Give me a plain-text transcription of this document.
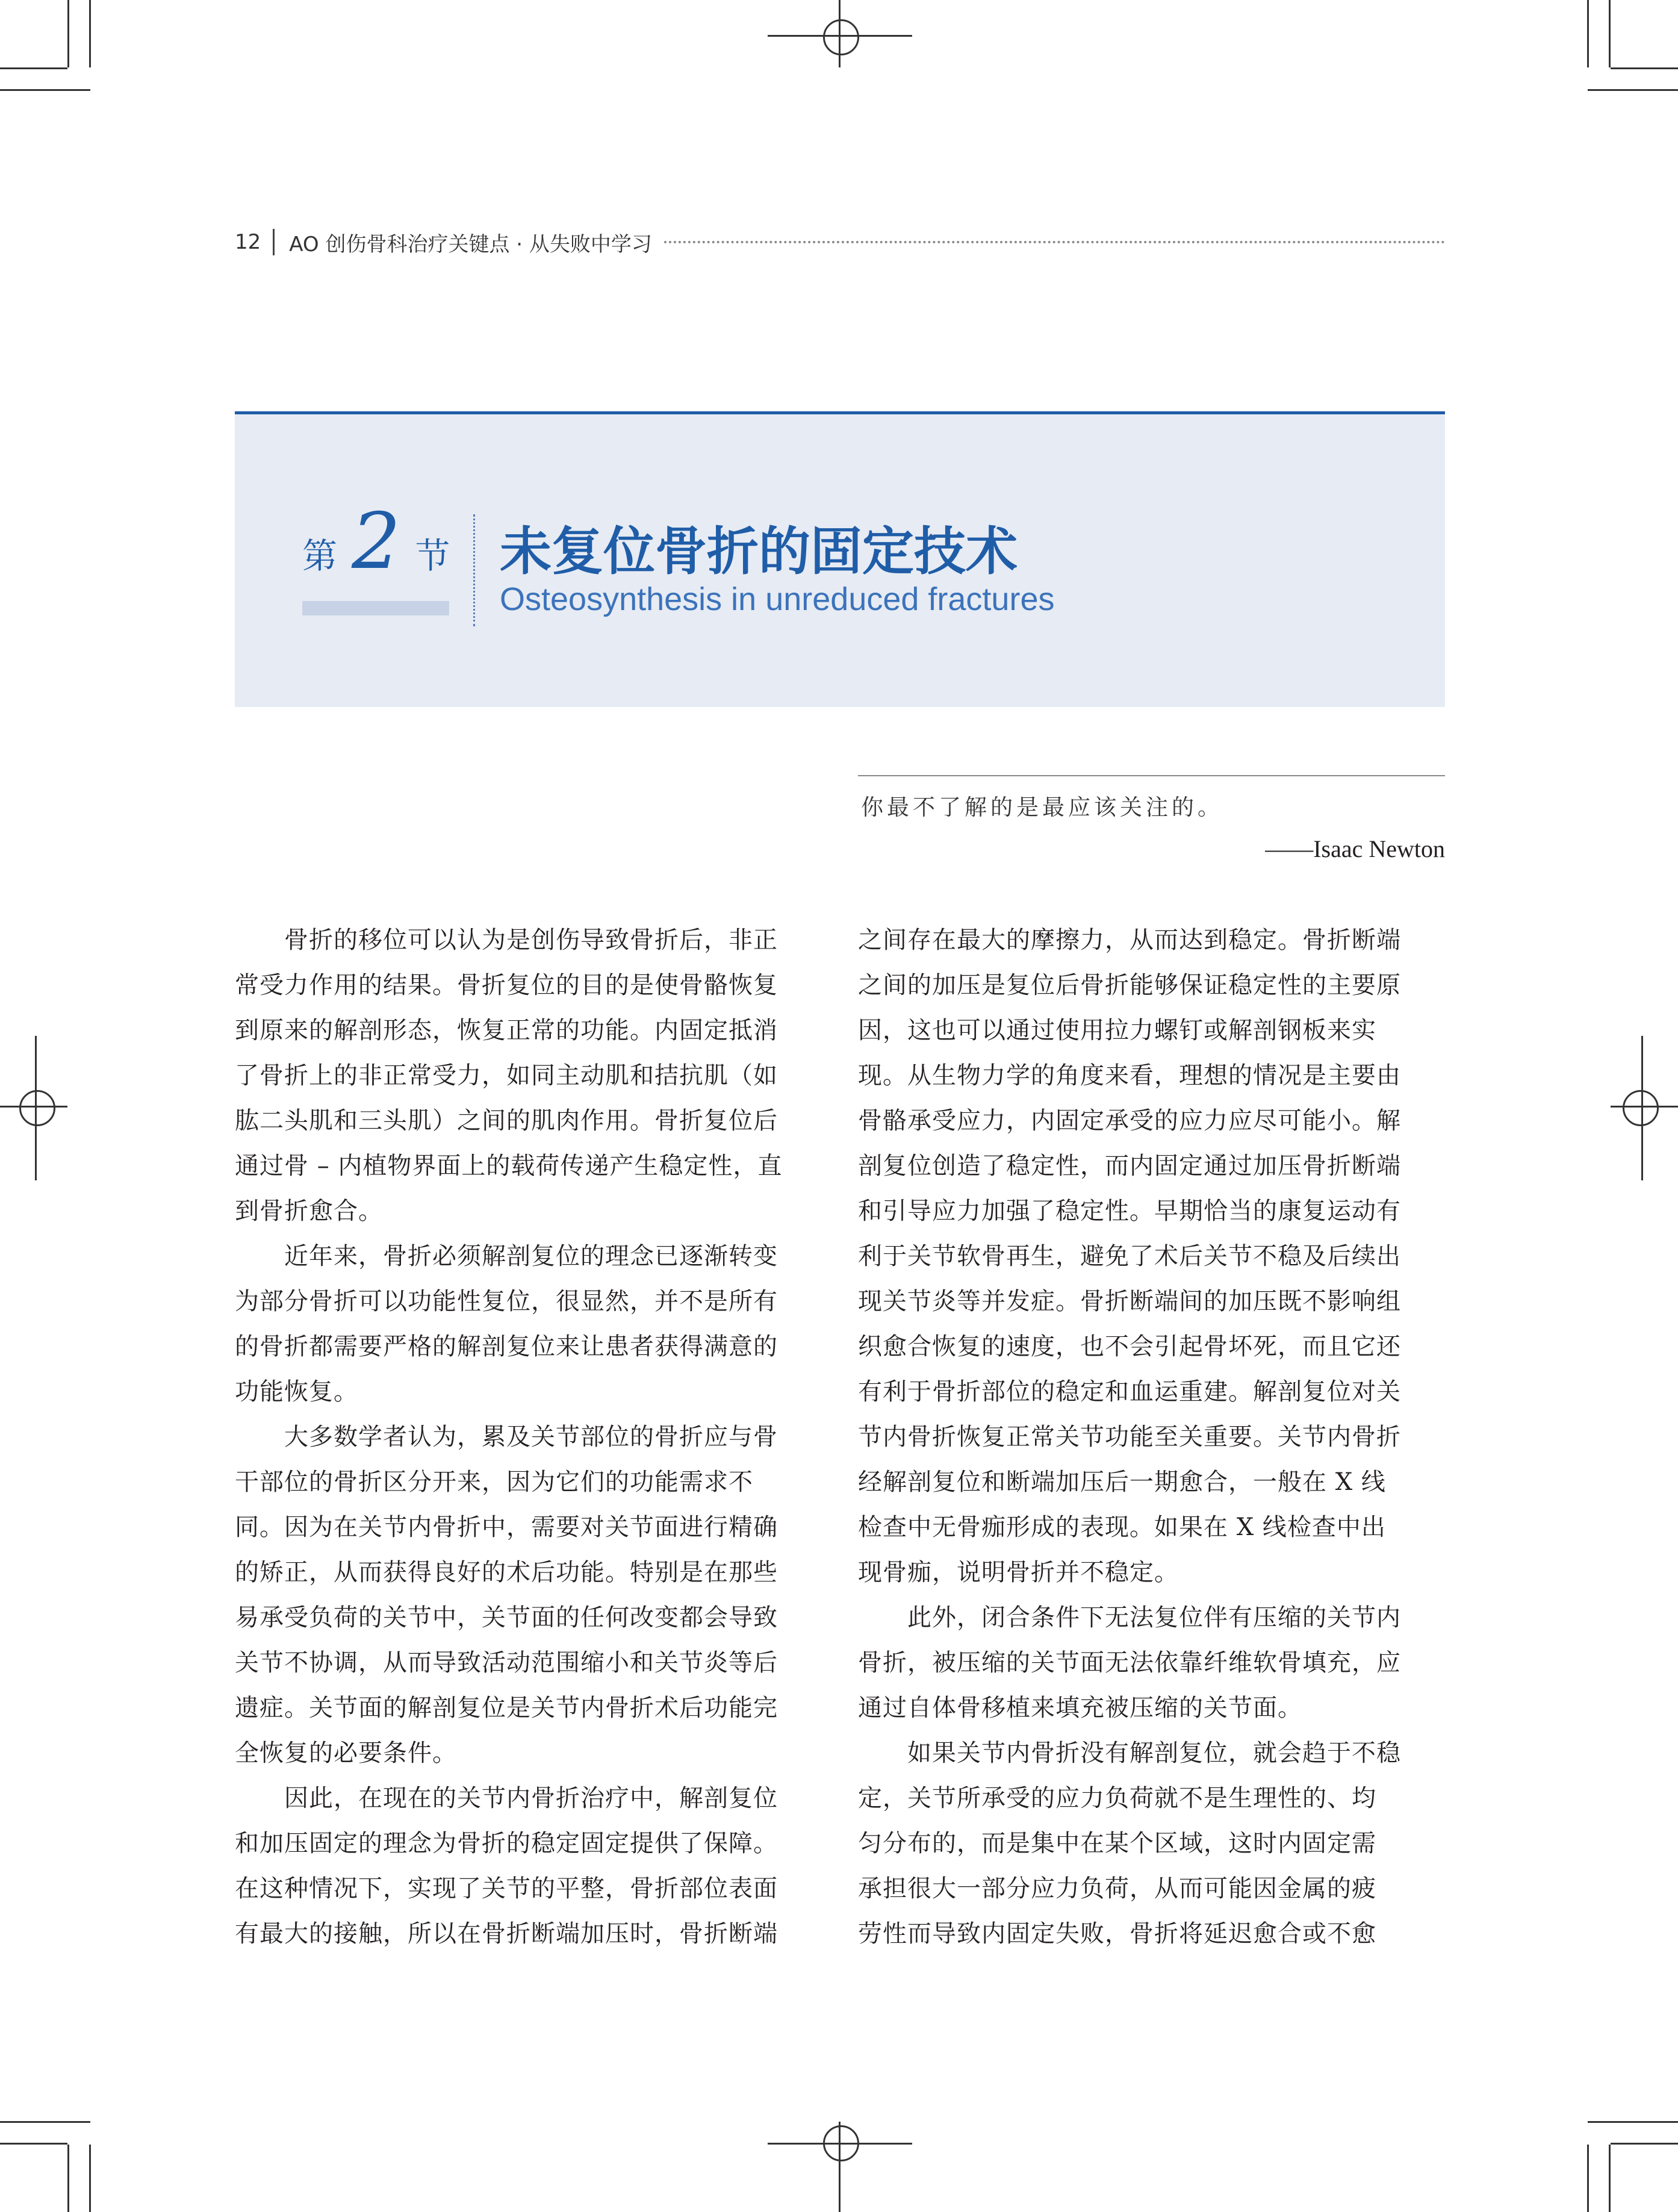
12	AO 创伤骨科治疗关键点 · 从失败中学习
第 2 节 未复位骨折的固定技术
Osteosynthesis in unreduced fractures
你最不了解的是最应该关注的。
——Isaac Newton

骨折的移位可以认为是创伤导致骨折后，非正

常受力作用的结果。骨折复位的目的是使骨骼恢复

到原来的解剖形态，恢复正常的功能。内固定抵消

了骨折上的非正常受力，如同主动肌和拮抗肌（如

肱二头肌和三头肌）之间的肌肉作用。骨折复位后

通过骨 – 内植物界面上的载荷传递产生稳定性，直

到骨折愈合。

近年来，骨折必须解剖复位的理念已逐渐转变

为部分骨折可以功能性复位，很显然，并不是所有

的骨折都需要严格的解剖复位来让患者获得满意的

功能恢复。

大多数学者认为，累及关节部位的骨折应与骨

干部位的骨折区分开来，因为它们的功能需求不

同。因为在关节内骨折中，需要对关节面进行精确

的矫正，从而获得良好的术后功能。特别是在那些

易承受负荷的关节中，关节面的任何改变都会导致

关节不协调，从而导致活动范围缩小和关节炎等后

遗症。关节面的解剖复位是关节内骨折术后功能完

全恢复的必要条件。

因此，在现在的关节内骨折治疗中，解剖复位

和加压固定的理念为骨折的稳定固定提供了保障。

在这种情况下，实现了关节的平整，骨折部位表面

有最大的接触，所以在骨折断端加压时，骨折断端

之间存在最大的摩擦力，从而达到稳定。骨折断端

之间的加压是复位后骨折能够保证稳定性的主要原

因，这也可以通过使用拉力螺钉或解剖钢板来实

现。从生物力学的角度来看，理想的情况是主要由

骨骼承受应力，内固定承受的应力应尽可能小。解

剖复位创造了稳定性，而内固定通过加压骨折断端

和引导应力加强了稳定性。早期恰当的康复运动有

利于关节软骨再生，避免了术后关节不稳及后续出

现关节炎等并发症。骨折断端间的加压既不影响组

织愈合恢复的速度，也不会引起骨坏死，而且它还

有利于骨折部位的稳定和血运重建。解剖复位对关

节内骨折恢复正常关节功能至关重要。关节内骨折

经解剖复位和断端加压后一期愈合，一般在 X 线

检查中无骨痂形成的表现。如果在 X 线检查中出

现骨痂，说明骨折并不稳定。

此外，闭合条件下无法复位伴有压缩的关节内

骨折，被压缩的关节面无法依靠纤维软骨填充，应

通过自体骨移植来填充被压缩的关节面。

如果关节内骨折没有解剖复位，就会趋于不稳

定，关节所承受的应力负荷就不是生理性的、均

匀分布的，而是集中在某个区域，这时内固定需

承担很大一部分应力负荷，从而可能因金属的疲

劳性而导致内固定失败，骨折将延迟愈合或不愈
